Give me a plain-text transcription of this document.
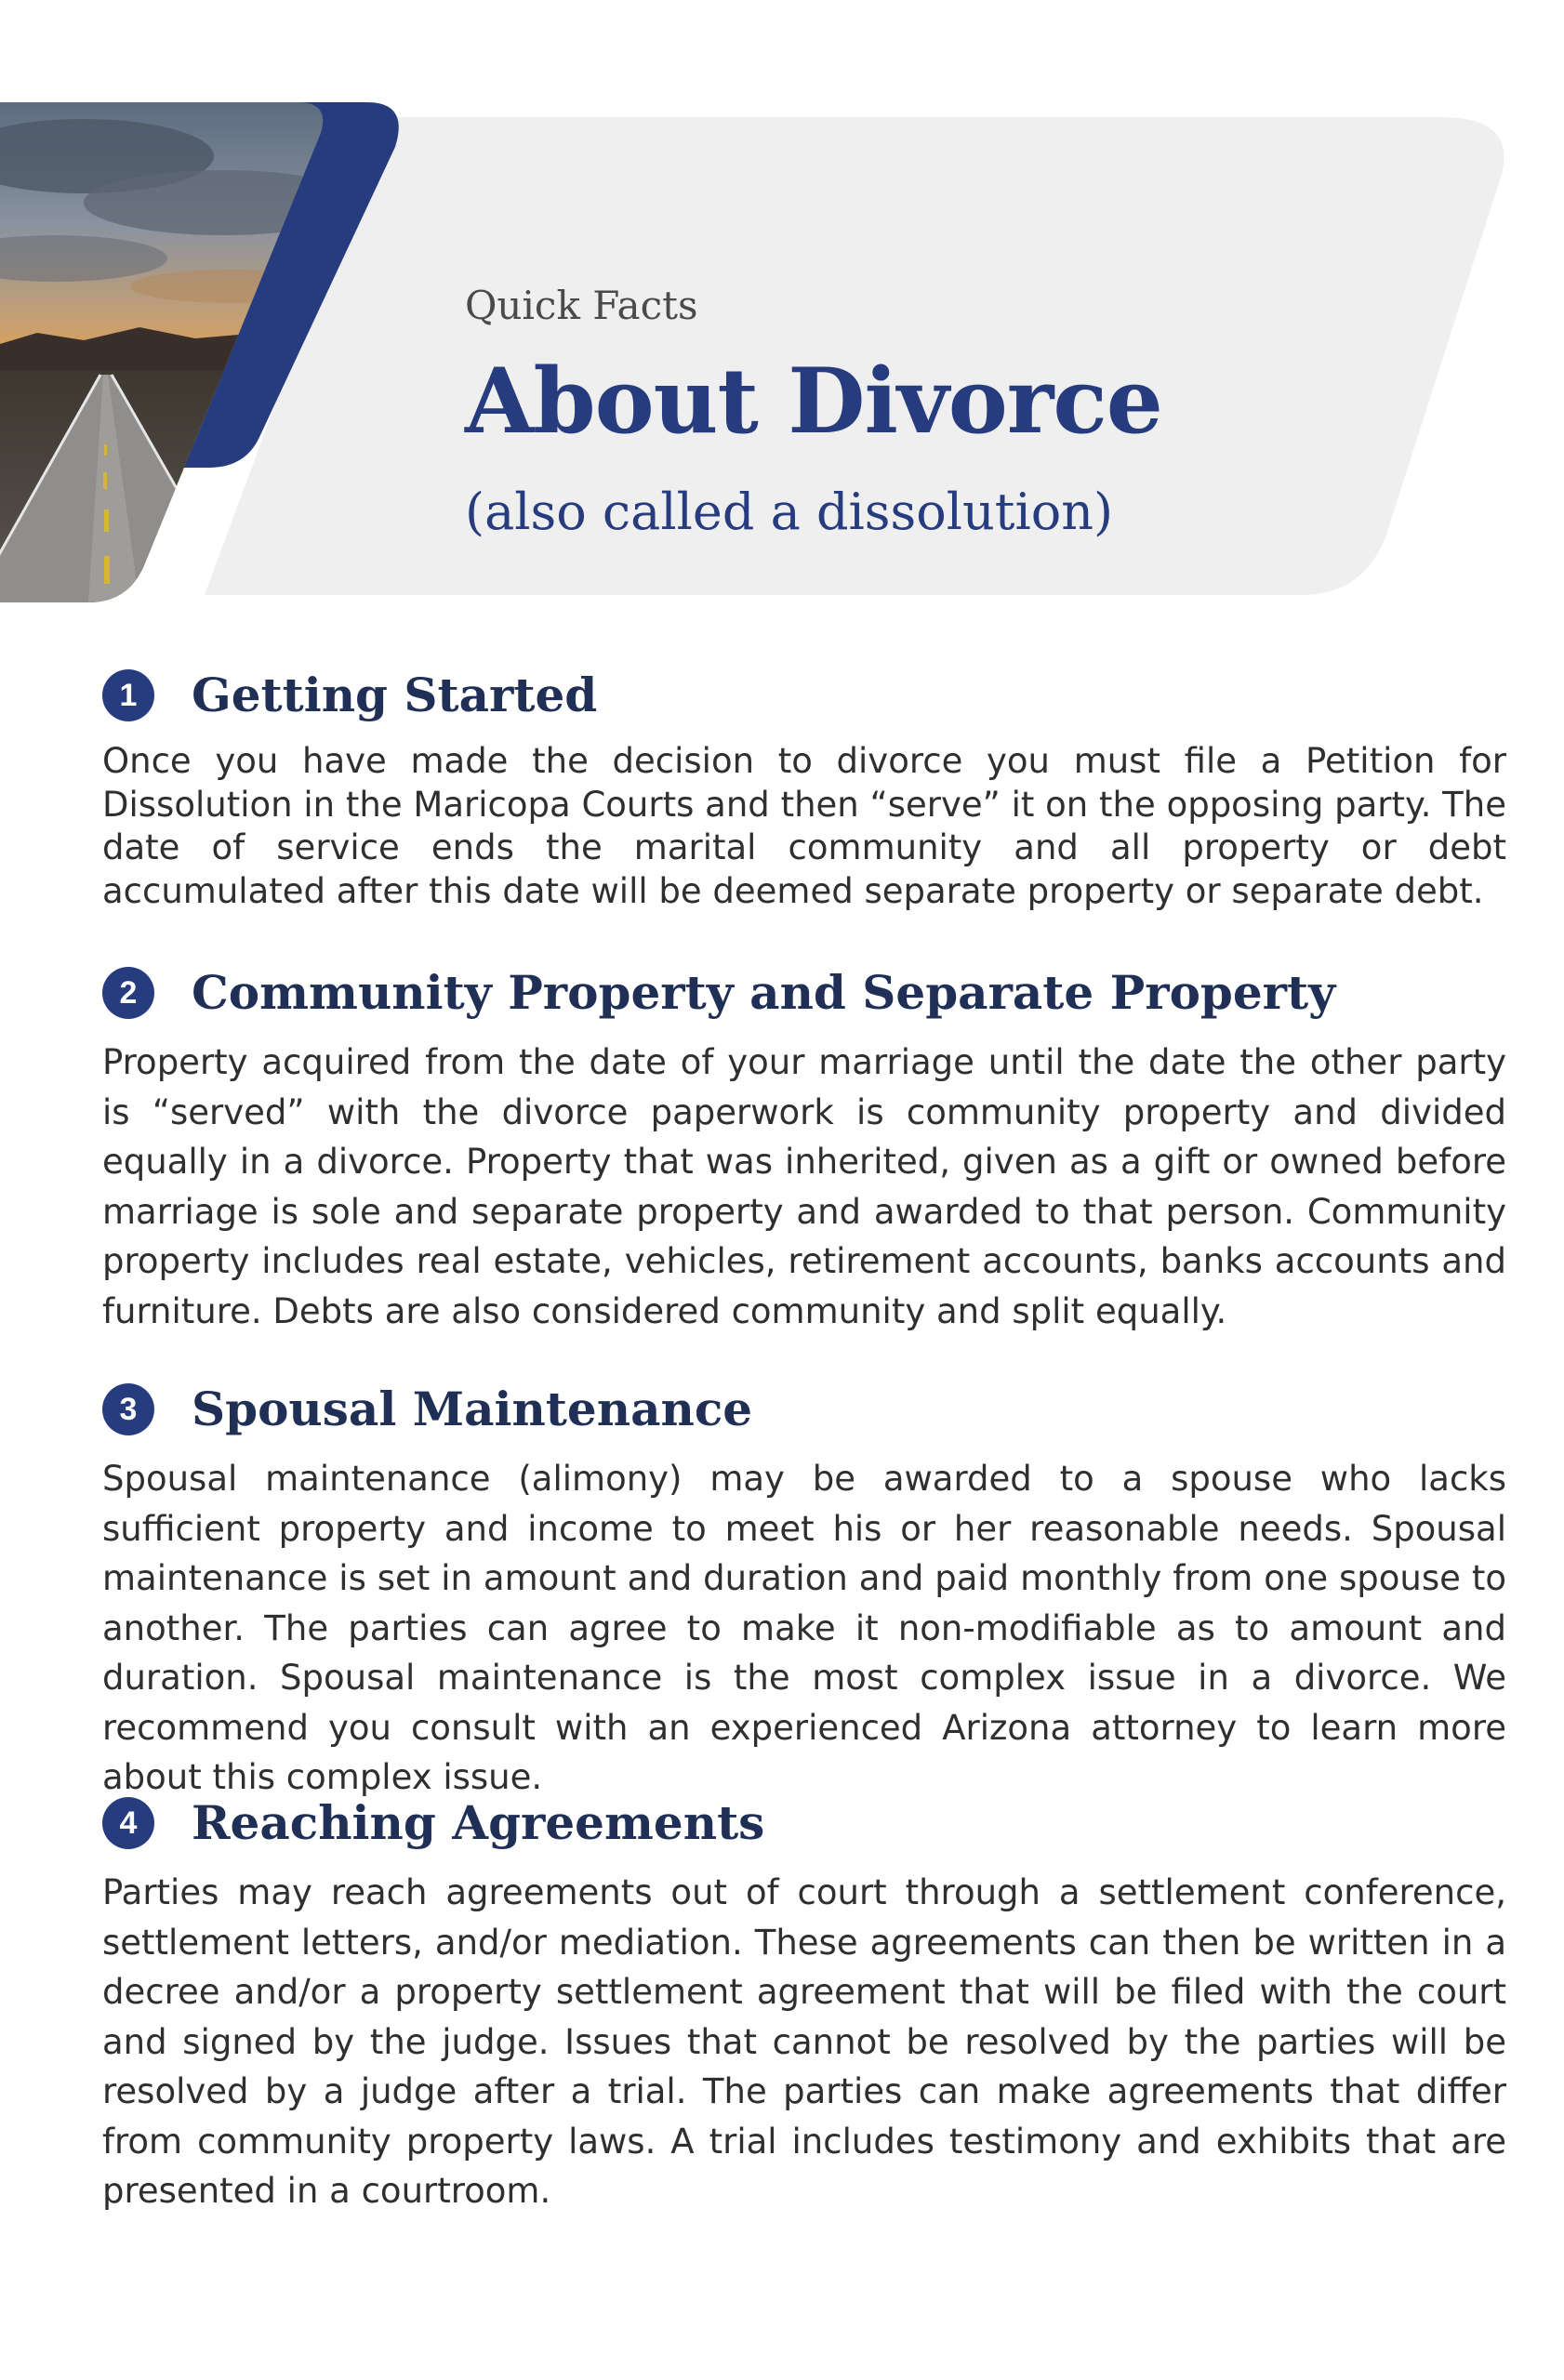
Quick Facts

About Divorce

(also called a dissolution)

1	Getting Started

Once you have made the decision to divorce you must file a Petition for Dissolution in the Maricopa Courts and then “serve” it on the opposing party. The date of service ends the marital community and all property or debt accumulated after this date will be deemed separate property or separate debt.

2	Community Property and Separate Property

Property acquired from the date of your marriage until the date the other party is “served” with the divorce paperwork is community property and divided equally in a divorce. Property that was inherited, given as a gift or owned before marriage is sole and separate property and awarded to that person. Community property includes real estate, vehicles, retirement accounts, banks accounts and furniture. Debts are also considered community and split equally.

3	Spousal Maintenance

Spousal maintenance (alimony) may be awarded to a spouse who lacks sufficient property and income to meet his or her reasonable needs. Spousal maintenance is set in amount and duration and paid monthly from one spouse to another. The parties can agree to make it non-modifiable as to amount and duration. Spousal maintenance is the most complex issue in a divorce. We recommend you consult with an experienced Arizona attorney to learn more about this complex issue.

4	Reaching Agreements

Parties may reach agreements out of court through a settlement conference, settlement letters, and/or mediation. These agreements can then be written in a decree and/or a property settlement agreement that will be filed with the court and signed by the judge. Issues that cannot be resolved by the parties will be resolved by a judge after a trial. The parties can make agreements that differ from community property laws. A trial includes testimony and exhibits that are presented in a courtroom.
